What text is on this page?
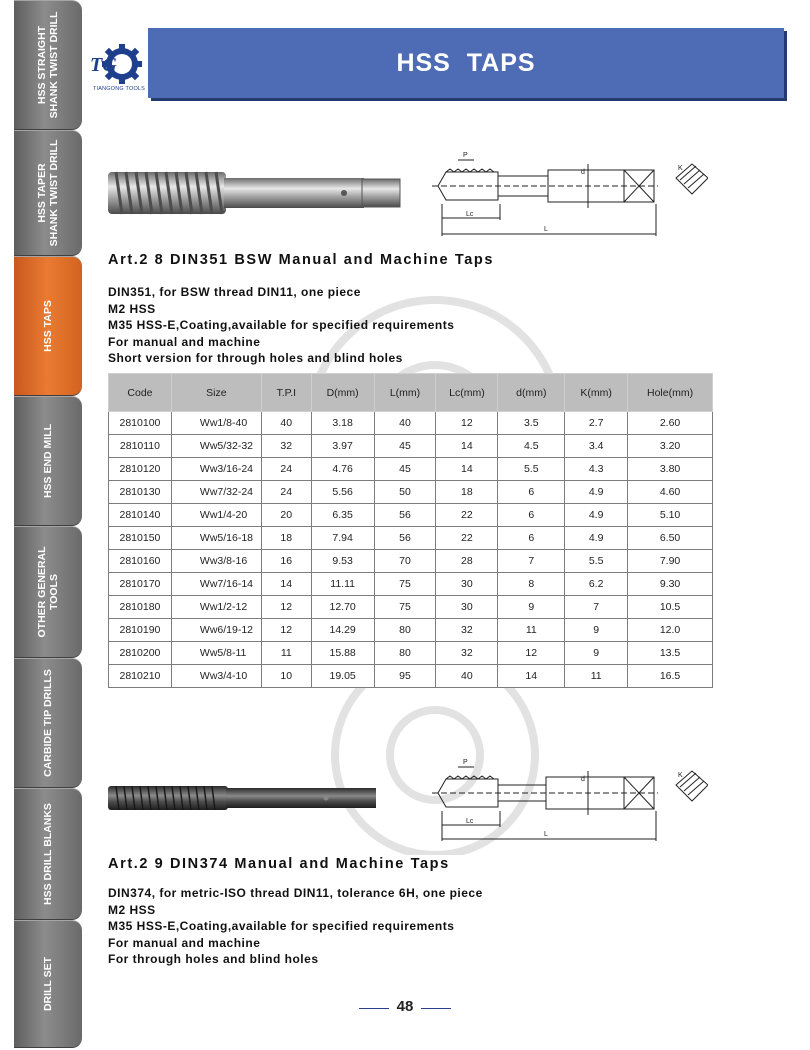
HSS STRAIGHT
SHANK TWIST DRILL
HSS TAPER
SHANK TWIST DRILL
HSS TAPS
HSS END MILL
OTHER GENERAL
TOOLS
CARBIDE TIP DRILLS
HSS DRILL BLANKS
DRILL SET
TG
TIANGONG TOOLS
HSS  TAPS
P
d
K
Lc
L
Art.2 8 DIN351 BSW Manual and Machine Taps
DIN351, for BSW thread DIN11, one piece
M2 HSS
M35 HSS-E,Coating,available for specified requirements
For manual and machine
Short version for through holes and blind holes
Code	Size	T.P.I	D(mm)	L(mm)	Lc(mm)	d(mm)	K(mm)	Hole(mm)
2810100	Ww1/8-40	40	3.18	40	12	3.5	2.7	2.60
2810110	Ww5/32-32	32	3.97	45	14	4.5	3.4	3.20
2810120	Ww3/16-24	24	4.76	45	14	5.5	4.3	3.80
2810130	Ww7/32-24	24	5.56	50	18	6	4.9	4.60
2810140	Ww1/4-20	20	6.35	56	22	6	4.9	5.10
2810150	Ww5/16-18	18	7.94	56	22	6	4.9	6.50
2810160	Ww3/8-16	16	9.53	70	28	7	5.5	7.90
2810170	Ww7/16-14	14	11.11	75	30	8	6.2	9.30
2810180	Ww1/2-12	12	12.70	75	30	9	7	10.5
2810190	Ww6/19-12	12	14.29	80	32	11	9	12.0
2810200	Ww5/8-11	11	15.88	80	32	12	9	13.5
2810210	Ww3/4-10	10	19.05	95	40	14	11	16.5
P
d
K
Lc
L
Art.2 9 DIN374 Manual and Machine Taps
DIN374, for metric-ISO thread DIN11, tolerance 6H, one piece
M2 HSS
M35 HSS-E,Coating,available for specified requirements
For manual and machine
For through holes and blind holes
48
